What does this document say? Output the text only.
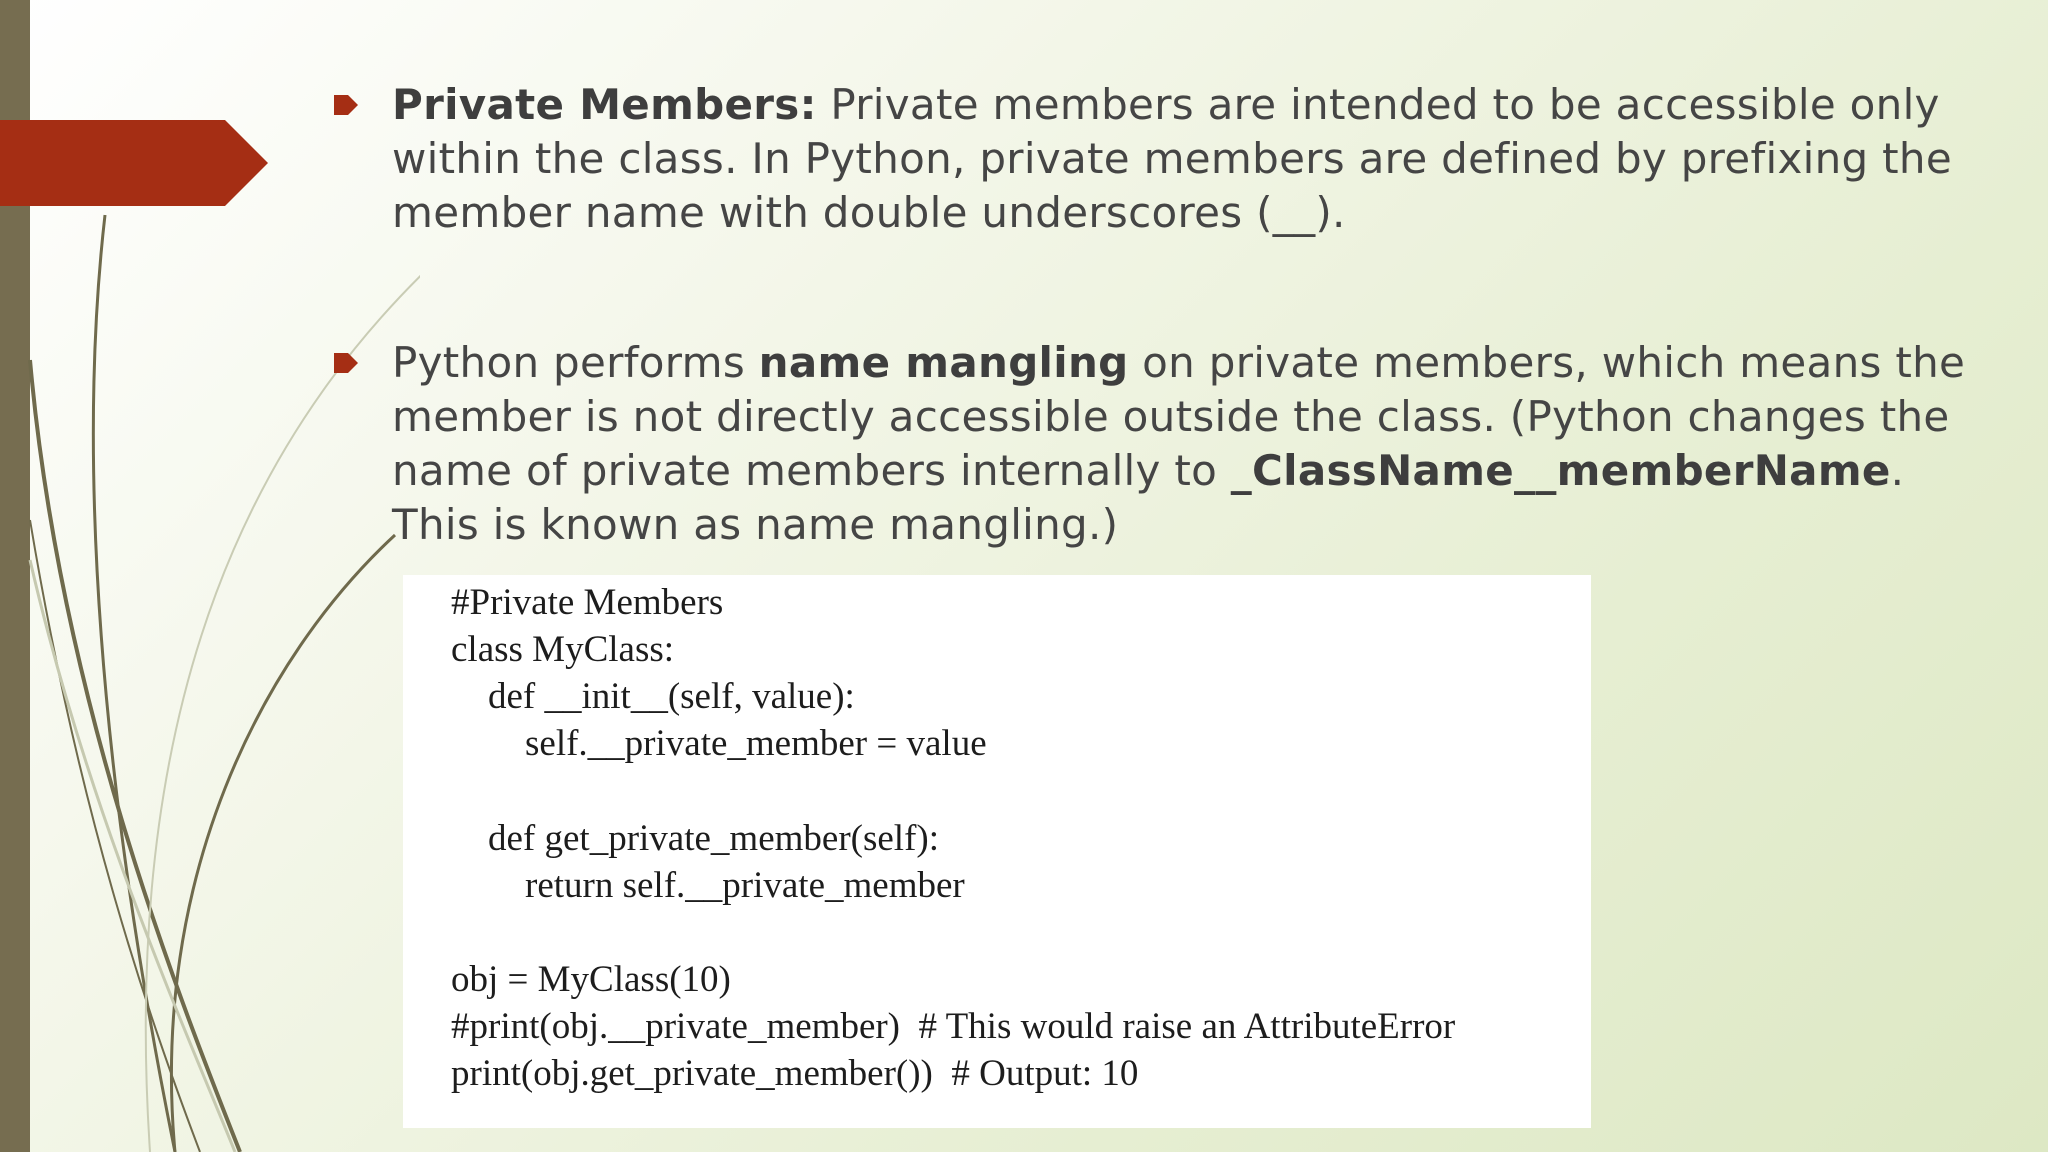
Private Members: Private members are intended to be accessible only within the class. In Python, private members are defined by prefixing the member name with double underscores (__).
Python performs name mangling on private members, which means the member is not directly accessible outside the class. (Python changes the name of private members internally to _ClassName__memberName. This is known as name mangling.)
#Private Members
class MyClass:
def __init__(self, value):
self.__private_member = value
def get_private_member(self):
return self.__private_member
obj = MyClass(10)
#print(obj.__private_member)  # This would raise an AttributeError
print(obj.get_private_member())  # Output: 10
